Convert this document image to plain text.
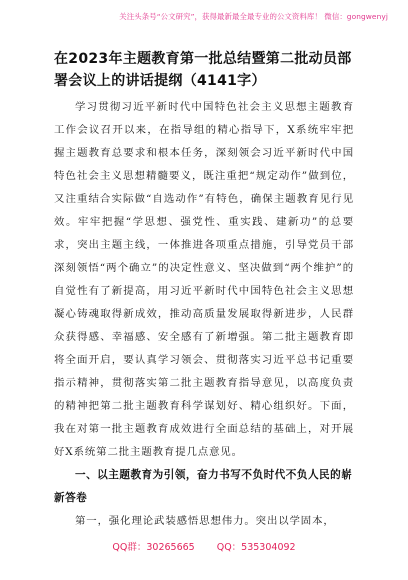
关注头条号“公文研究”，获得最新最全最专业的公文资料库！ 微信：gongwenyj
在2023年主题教育第一批总结暨第二批动员部署会议上的讲话提纲（4141字）

学习贯彻习近平新时代中国特色社会主义思想主题教育工作会议召开以来，在指导组的精心指导下，X系统牢牢把握主题教育总要求和根本任务，深刻领会习近平新时代中国特色社会主义思想精髓要义，既注重把“规定动作”做到位，又注重结合实际做“自选动作”有特色，确保主题教育见行见效。牢牢把握“学思想、强党性、重实践、建新功”的总要求，突出主题主线，一体推进各项重点措施，引导党员干部深刻领悟“两个确立”的决定性意义、坚决做到“两个维护”的自觉性有了新提高，用习近平新时代中国特色社会主义思想凝心铸魂取得新成效，推动高质量发展取得新进步，人民群众获得感、幸福感、安全感有了新增强。第二批主题教育即将全面开启，要认真学习领会、贯彻落实习近平总书记重要指示精神，贯彻落实第二批主题教育指导意见，以高度负责的精神把第二批主题教育科学谋划好、精心组织好。下面，我在对第一批主题教育成效进行全面总结的基础上，对开展好X系统第二批主题教育提几点意见。

一、以主题教育为引领，奋力书写不负时代不负人民的崭新答卷

第一，强化理论武装感悟思想伟力。突出以学固本，

QQ群：30265665 QQ：535304092
